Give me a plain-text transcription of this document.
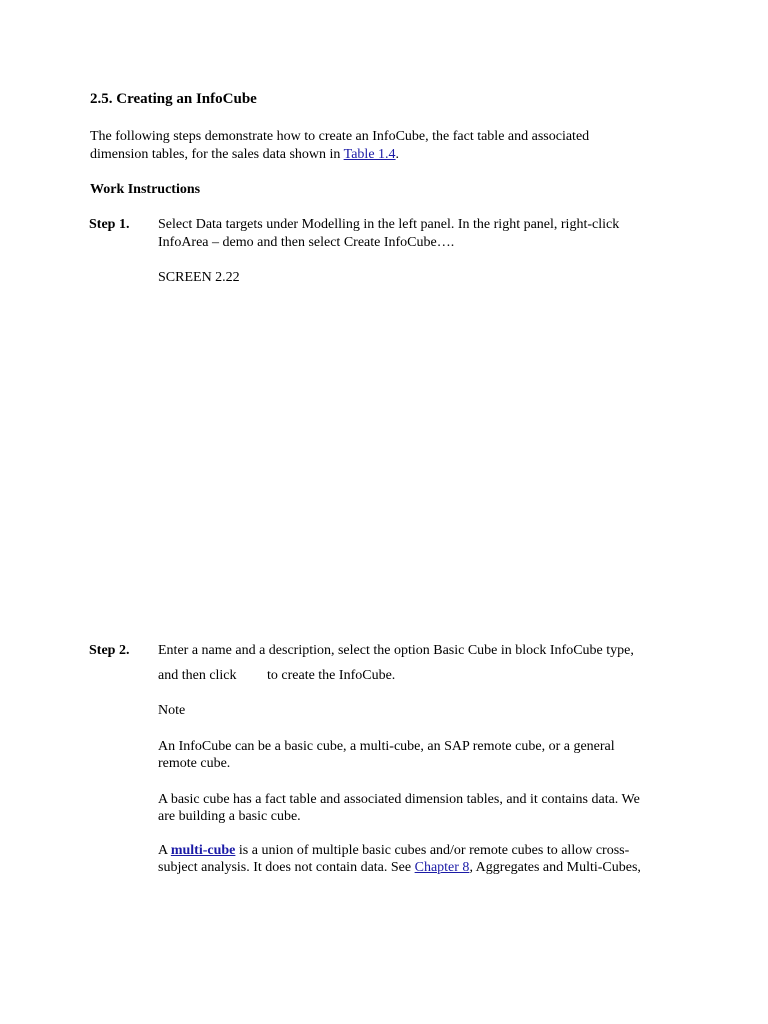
2.5. Creating an InfoCube
The following steps demonstrate how to create an InfoCube, the fact table and associated
dimension tables, for the sales data shown in Table 1.4.
Work Instructions
Step 1. Select Data targets under Modelling in the left panel. In the right panel, right-click
InfoArea – demo and then select Create InfoCube….
SCREEN 2.22
Step 2. Enter a name and a description, select the option Basic Cube in block InfoCube type,
and then click to create the InfoCube.
Note
An InfoCube can be a basic cube, a multi-cube, an SAP remote cube, or a general
remote cube.
A basic cube has a fact table and associated dimension tables, and it contains data. We
are building a basic cube.
A multi-cube is a union of multiple basic cubes and/or remote cubes to allow cross-
subject analysis. It does not contain data. See Chapter 8, Aggregates and Multi-Cubes,
